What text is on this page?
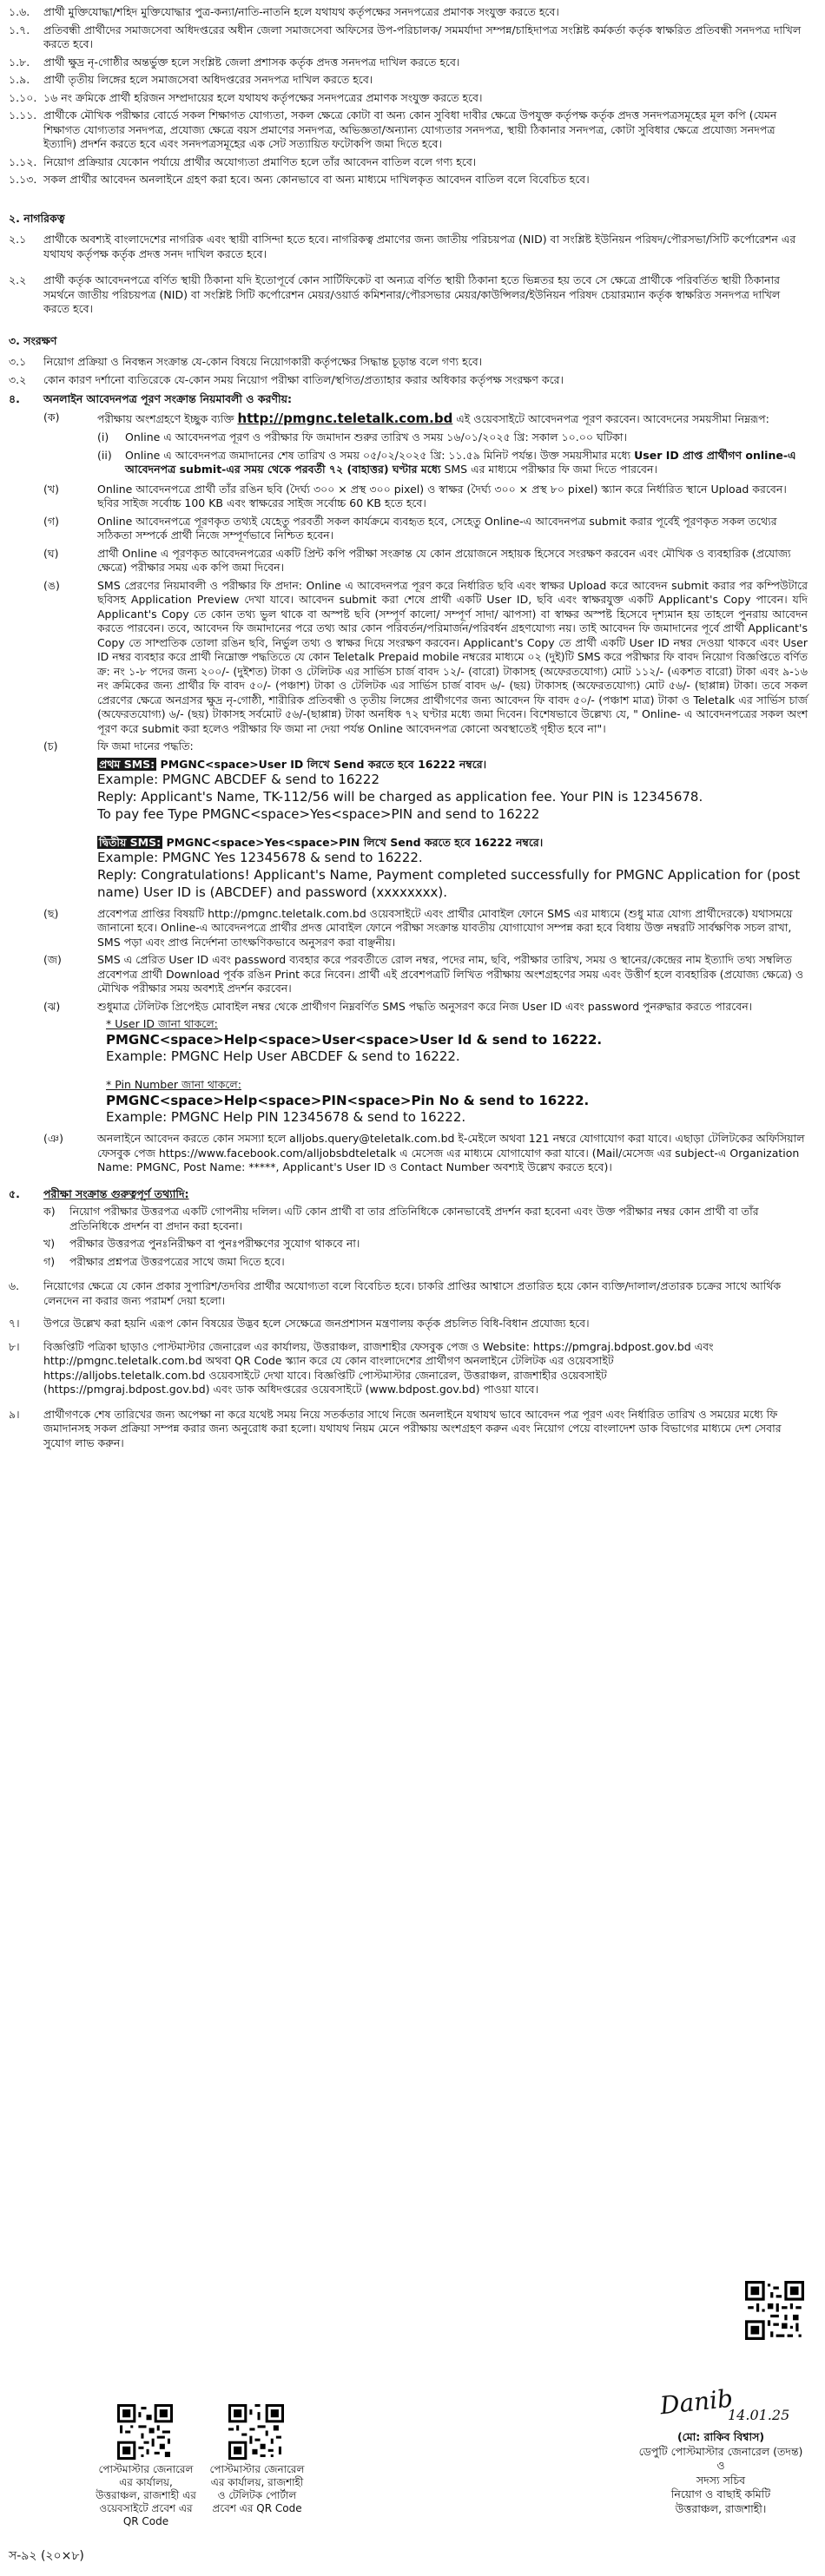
১.৬.	প্রার্থী মুক্তিযোদ্ধা/শহিদ মুক্তিযোদ্ধার পুত্র-কন্যা/নাতি-নাতনি হলে যথাযথ কর্তৃপক্ষের সনদপত্রের প্রমাণক সংযুক্ত করতে হবে।
১.৭.	প্রতিবন্ধী প্রার্থীদের সমাজসেবা অধিদপ্তরের অধীন জেলা সমাজসেবা অফিসের উপ-পরিচালক/ সমমর্যাদা সম্পন্ন/চাহিদাপত্র সংশ্লিষ্ট কর্মকর্তা কর্তৃক স্বাক্ষরিত প্রতিবন্ধী সনদপত্র দাখিল করতে হবে।
১.৮.	প্রার্থী ক্ষুদ্র নৃ-গোষ্ঠীর অন্তর্ভুক্ত হলে সংশ্লিষ্ট জেলা প্রশাসক কর্তৃক প্রদত্ত সনদপত্র দাখিল করতে হবে।
১.৯.	প্রার্থী তৃতীয় লিঙ্গের হলে সমাজসেবা অধিদপ্তরের সনদপত্র দাখিল করতে হবে।
১.১০. ১৬ নং ক্রমিকে প্রার্থী হরিজন সম্প্রদায়ের হলে যথাযথ কর্তৃপক্ষের সনদপত্রের প্রমাণক সংযুক্ত করতে হবে।
১.১১. প্রার্থীকে মৌখিক পরীক্ষার বোর্ডে সকল শিক্ষাগত যোগ্যতা, সকল ক্ষেত্রে কোটা বা অন্য কোন সুবিধা দাবীর ক্ষেত্রে উপযুক্ত কর্তৃপক্ষ কর্তৃক প্রদত্ত সনদপত্রসমূহের মূল কপি (যেমন শিক্ষাগত যোগ্যতার সনদপত্র, প্রযোজ্য ক্ষেত্রে বয়স প্রমাণের সনদপত্র, অভিজ্ঞতা/অন্যান্য যোগ্যতার সনদপত্র, স্থায়ী ঠিকানার সনদপত্র, কোটা সুবিধার ক্ষেত্রে প্রযোজ্য সনদপত্র ইত্যাদি) প্রদর্শন করতে হবে এবং সনদপত্রসমূহের এক সেট সত্যায়িত ফটোকপি জমা দিতে হবে।
১.১২. নিয়োগ প্রক্রিয়ার যেকোন পর্যায়ে প্রার্থীর অযোগ্যতা প্রমাণিত হলে তাঁর আবেদন বাতিল বলে গণ্য হবে।
১.১৩. সকল প্রার্থীর আবেদন অনলাইনে গ্রহণ করা হবে। অন্য কোনভাবে বা অন্য মাধ্যমে দাখিলকৃত আবেদন বাতিল বলে বিবেচিত হবে।

২. নাগরিকত্ব

২.১	প্রার্থীকে অবশ্যই বাংলাদেশের নাগরিক এবং স্থায়ী বাসিন্দা হতে হবে। নাগরিকত্ব প্রমাণের জন্য জাতীয় পরিচয়পত্র (NID) বা সংশ্লিষ্ট ইউনিয়ন পরিষদ/পৌরসভা/সিটি কর্পোরেশন এর যথাযথ কর্তৃপক্ষ কর্তৃক প্রদত্ত সনদ দাখিল করতে হবে।
২.২	প্রার্থী কর্তৃক আবেদনপত্রে বর্ণিত স্থায়ী ঠিকানা যদি ইতোপূর্বে কোন সার্টিফিকেট বা অন্যত্র বর্ণিত স্থায়ী ঠিকানা হতে ভিন্নতর হয় তবে সে ক্ষেত্রে প্রার্থীকে পরিবর্তিত স্থায়ী ঠিকানার সমর্থনে জাতীয় পরিচয়পত্র (NID) বা সংশ্লিষ্ট সিটি কর্পোরেশন মেয়র/ওয়ার্ড কমিশনার/পৌরসভার মেয়র/কাউন্সিলর/ইউনিয়ন পরিষদ চেয়ারম্যান কর্তৃক স্বাক্ষরিত সনদপত্র দাখিল করতে হবে।

৩. সংরক্ষণ

৩.১	নিয়োগ প্রক্রিয়া ও নিবন্ধন সংক্রান্ত যে-কোন বিষয়ে নিয়োগকারী কর্তৃপক্ষের সিদ্ধান্ত চূড়ান্ত বলে গণ্য হবে।
৩.২	কোন কারণ দর্শানো ব্যতিরেকে যে-কোন সময় নিয়োগ পরীক্ষা বাতিল/স্থগিত/প্রত্যাহার করার অধিকার কর্তৃপক্ষ সংরক্ষণ করে।
৪.	অনলাইন আবেদনপত্র পূরণ সংক্রান্ত নিয়মাবলী ও করণীয়:
(ক)	পরীক্ষায় অংশগ্রহণে ইচ্ছুক ব্যক্তি http://pmgnc.teletalk.com.bd এই ওয়েবসাইটে আবেদনপত্র পূরণ করবেন। আবেদনের সময়সীমা নিম্নরূপ:
(i)	Online এ আবেদনপত্র পূরণ ও পরীক্ষার ফি জমাদান শুরুর তারিখ ও সময় ১৬/০১/২০২৫ খ্রি: সকাল ১০.০০ ঘটিকা।
(ii)	Online এ আবেদনপত্র জমাদানের শেষ তারিখ ও সময় ০৫/০২/২০২৫ খ্রি: ১১.৫৯ মিনিট পর্যন্ত। উক্ত সময়সীমার মধ্যে User ID প্রাপ্ত প্রার্থীগণ online-এ আবেদনপত্র submit-এর সময় থেকে পরবর্তী ৭২ (বাহাত্তর) ঘণ্টার মধ্যে SMS এর মাধ্যমে পরীক্ষার ফি জমা দিতে পারবেন।
(খ)	Online আবেদনপত্রে প্রার্থী তাঁর রঙিন ছবি (দৈর্ঘ্য ৩০০ × প্রস্থ ৩০০ pixel) ও স্বাক্ষর (দৈর্ঘ্য ৩০০ × প্রস্থ ৮০ pixel) স্ক্যান করে নির্ধারিত স্থানে Upload করবেন। ছবির সাইজ সর্বোচ্চ 100 KB এবং স্বাক্ষরের সাইজ সর্বোচ্চ 60 KB হতে হবে।
(গ)	Online আবেদনপত্রে পূরণকৃত তথ্যই যেহেতু পরবর্তী সকল কার্যক্রমে ব্যবহৃত হবে, সেহেতু Online-এ আবেদনপত্র submit করার পূর্বেই পূরণকৃত সকল তথ্যের সঠিকতা সম্পর্কে প্রার্থী নিজে সম্পূর্ণভাবে নিশ্চিত হবেন।
(ঘ)	প্রার্থী Online এ পূরণকৃত আবেদনপত্রের একটি প্রিন্ট কপি পরীক্ষা সংক্রান্ত যে কোন প্রয়োজনে সহায়ক হিসেবে সংরক্ষণ করবেন এবং মৌখিক ও ব্যবহারিক (প্রযোজ্য ক্ষেত্রে) পরীক্ষার সময় এক কপি জমা দিবেন।
(ঙ)	SMS প্রেরণের নিয়মাবলী ও পরীক্ষার ফি প্রদান: Online এ আবেদনপত্র পূরণ করে নির্ধারিত ছবি এবং স্বাক্ষর Upload করে আবেদন submit করার পর কম্পিউটারে ছবিসহ Application Preview দেখা যাবে। আবেদন submit করা শেষে প্রার্থী একটি User ID, ছবি এবং স্বাক্ষরযুক্ত একটি Applicant's Copy পাবেন। যদি Applicant's Copy তে কোন তথ্য ভুল থাকে বা অস্পষ্ট ছবি (সম্পূর্ণ কালো/ সম্পূর্ণ সাদা/ ঝাপসা) বা স্বাক্ষর অস্পষ্ট হিসেবে দৃশ্যমান হয় তাহলে পুনরায় আবেদন করতে পারবেন। তবে, আবেদন ফি জমাদানের পরে তথ্য আর কোন পরিবর্তন/পরিমার্জন/পরিবর্ধন গ্রহণযোগ্য নয়। তাই আবেদন ফি জমাদানের পূর্বে প্রার্থী Applicant's Copy তে সাম্প্রতিক তোলা রঙিন ছবি, নির্ভুল তথ্য ও স্বাক্ষর দিয়ে সংরক্ষণ করবেন। Applicant's Copy তে প্রার্থী একটি User ID নম্বর দেওয়া থাকবে এবং User ID নম্বর ব্যবহার করে প্রার্থী নিম্নোক্ত পদ্ধতিতে যে কোন Teletalk Prepaid mobile নম্বরের মাধ্যমে ০২ (দুই)টি SMS করে পরীক্ষার ফি বাবদ নিয়োগ বিজ্ঞপ্তিতে বর্ণিত ক্র: নং ১-৮ পদের জন্য ২০০/- (দুইশত) টাকা ও টেলিটক এর সার্ভিস চার্জ বাবদ ১২/- (বারো) টাকাসহ (অফেরতযোগ্য) মোট ১১২/- (একশত বারো) টাকা এবং ৯-১৬ নং ক্রমিকের জন্য প্রার্থীর ফি বাবদ ৫০/- (পঞ্চাশ) টাকা ও টেলিটক এর সার্ভিস চার্জ বাবদ ৬/- (ছয়) টাকাসহ (অফেরতযোগ্য) মোট ৫৬/- (ছাপ্পান্ন) টাকা। তবে সকল প্রেরণের ক্ষেত্রে অনগ্রসর ক্ষুদ্র নৃ-গোষ্ঠী, শারীরিক প্রতিবন্ধী ও তৃতীয় লিঙ্গের প্রার্থীগণের জন্য আবেদন ফি বাবদ ৫০/- (পঞ্চাশ মাত্র) টাকা ও Teletalk এর সার্ভিস চার্জ (অফেরতযোগ্য) ৬/- (ছয়) টাকাসহ সর্বমোট ৫৬/-(ছাপ্পান্ন) টাকা অনধিক ৭২ ঘণ্টার মধ্যে জমা দিবেন। বিশেষভাবে উল্লেখ্য যে, " Online- এ আবেদনপত্রের সকল অংশ পূরণ করে submit করা হলেও পরীক্ষার ফি জমা না দেয়া পর্যন্ত Online আবেদনপত্র কোনো অবস্থাতেই গৃহীত হবে না"।
(চ)	ফি জমা দানের পদ্ধতি:

প্রথম SMS: PMGNC<space>User ID লিখে Send করতে হবে 16222 নম্বরে।

Example: PMGNC ABCDEF & send to 16222

Reply: Applicant's Name, TK-112/56 will be charged as application fee. Your PIN is 12345678.

To pay fee Type PMGNC<space>Yes<space>PIN and send to 16222

দ্বিতীয় SMS: PMGNC<space>Yes<space>PIN লিখে Send করতে হবে 16222 নম্বরে।

Example: PMGNC Yes 12345678 & send to 16222.

Reply: Congratulations! Applicant's Name, Payment completed successfully for PMGNC Application for (post name) User ID is (ABCDEF) and password (xxxxxxxx).

(ছ)	প্রবেশপত্র প্রাপ্তির বিষয়টি http://pmgnc.teletalk.com.bd ওয়েবসাইটে এবং প্রার্থীর মোবাইল ফোনে SMS এর মাধ্যমে (শুধু মাত্র যোগ্য প্রার্থীদেরকে) যথাসময়ে জানানো হবে। Online-এ আবেদনপত্রে প্রার্থীর প্রদত্ত মোবাইল ফোনে পরীক্ষা সংক্রান্ত যাবতীয় যোগাযোগ সম্পন্ন করা হবে বিধায় উক্ত নম্বরটি সার্বক্ষণিক সচল রাখা, SMS পড়া এবং প্রাপ্ত নির্দেশনা তাৎক্ষণিকভাবে অনুসরণ করা বাঞ্ছনীয়।
(জ)	SMS এ প্রেরিত User ID এবং password ব্যবহার করে পরবর্তীতে রোল নম্বর, পদের নাম, ছবি, পরীক্ষার তারিখ, সময় ও স্থানের/কেন্দ্রের নাম ইত্যাদি তথ্য সম্বলিত প্রবেশপত্র প্রার্থী Download পূর্বক রঙিন Print করে নিবেন। প্রার্থী এই প্রবেশপত্রটি লিখিত পরীক্ষায় অংশগ্রহণের সময় এবং উত্তীর্ণ হলে ব্যবহারিক (প্রযোজ্য ক্ষেত্রে) ও মৌখিক পরীক্ষার সময় অবশ্যই প্রদর্শন করবেন।
(ঝ)	শুধুমাত্র টেলিটক প্রিপেইড মোবাইল নম্বর থেকে প্রার্থীগণ নিম্নবর্ণিত SMS পদ্ধতি অনুসরণ করে নিজ User ID এবং password পুনরুদ্ধার করতে পারবেন।

* User ID জানা থাকলে:

PMGNC<space>Help<space>User<space>User Id & send to 16222.

Example: PMGNC Help User ABCDEF & send to 16222.

* Pin Number জানা থাকলে:

PMGNC<space>Help<space>PIN<space>Pin No & send to 16222.

Example: PMGNC Help PIN 12345678 & send to 16222.

(ঞ)	অনলাইনে আবেদন করতে কোন সমস্যা হলে alljobs.query@teletalk.com.bd ই-মেইলে অথবা 121 নম্বরে যোগাযোগ করা যাবে। এছাড়া টেলিটকের অফিসিয়াল ফেসবুক পেজ https://www.facebook.com/alljobsbdteletalk এ মেসেজ এর মাধ্যমে যোগাযোগ করা যাবে। (Mail/মেসেজ এর subject-এ Organization Name: PMGNC, Post Name: *****, Applicant's User ID ও Contact Number অবশ্যই উল্লেখ করতে হবে)।
৫.	পরীক্ষা সংক্রান্ত গুরুত্বপূর্ণ তথ্যাদি:
ক)	নিয়োগ পরীক্ষার উত্তরপত্র একটি গোপনীয় দলিল। এটি কোন প্রার্থী বা তার প্রতিনিধিকে কোনভাবেই প্রদর্শন করা হবেনা এবং উক্ত পরীক্ষার নম্বর কোন প্রার্থী বা তাঁর প্রতিনিধিকে প্রদর্শন বা প্রদান করা হবেনা।
খ)	পরীক্ষার উত্তরপত্র পুনঃনিরীক্ষণ বা পুনঃপরীক্ষণের সুযোগ থাকবে না।
গ)	পরীক্ষার প্রশ্নপত্র উত্তরপত্রের সাথে জমা দিতে হবে।
৬.	নিয়োগের ক্ষেত্রে যে কোন প্রকার সুপারিশ/তদবির প্রার্থীর অযোগ্যতা বলে বিবেচিত হবে। চাকরি প্রাপ্তির আশ্বাসে প্রতারিত হয়ে কোন ব্যক্তি/দালাল/প্রতারক চক্রের সাথে আর্থিক লেনদেন না করার জন্য পরামর্শ দেয়া হলো।
৭।	উপরে উল্লেখ করা হয়নি এরূপ কোন বিষয়ের উদ্ভব হলে সেক্ষেত্রে জনপ্রশাসন মন্ত্রণালয় কর্তৃক প্রচলিত বিধি-বিধান প্রযোজ্য হবে।
৮।	বিজ্ঞপ্তিটি পত্রিকা ছাড়াও পোস্টমাস্টার জেনারেল এর কার্যালয়, উত্তরাঞ্চল, রাজশাহীর ফেসবুক পেজ ও Website: https://pmgraj.bdpost.gov.bd এবং http://pmgnc.teletalk.com.bd অথবা QR Code স্ক্যান করে যে কোন বাংলাদেশের প্রার্থীগণ অনলাইনে টেলিটক এর ওয়েবসাইট https://alljobs.teletalk.com.bd ওয়েবসাইটে দেখা যাবে। বিজ্ঞপ্তিটি পোস্টমাস্টার জেনারেল, উত্তরাঞ্চল, রাজশাহীর ওয়েবসাইট (https://pmgraj.bdpost.gov.bd) এবং ডাক অধিদপ্তরের ওয়েবসাইটে (www.bdpost.gov.bd) পাওয়া যাবে।
৯।	প্রার্থীগণকে শেষ তারিখের জন্য অপেক্ষা না করে যথেষ্ট সময় নিয়ে সতর্কতার সাথে নিজে অনলাইনে যথাযথ ভাবে আবেদন পত্র পূরণ এবং নির্ধারিত তারিখ ও সময়ের মধ্যে ফি জমাদানসহ সকল প্রক্রিয়া সম্পন্ন করার জন্য অনুরোধ করা হলো। যথাযথ নিয়ম মেনে পরীক্ষায় অংশগ্রহণ করুন এবং নিয়োগ পেয়ে বাংলাদেশ ডাক বিভাগের মাধ্যমে দেশ সেবার সুযোগ লাভ করুন।
পোস্টমাস্টার জেনারেল এর কার্যালয়, উত্তরাঞ্চল, রাজশাহী এর ওয়েবসাইটে প্রবেশ এর QR Code
পোস্টমাস্টার জেনারেল এর কার্যালয়, রাজশাহী ও টেলিটক পোর্টাল প্রবেশ এর QR Code
Danib
14.01.25

(মো: রাকিব বিশ্বাস)

ডেপুটি পোস্টমাস্টার জেনারেল (তদন্ত)

ও

সদস্য সচিব

নিয়োগ ও বাছাই কমিটি

উত্তরাঞ্চল, রাজশাহী।

স-৯২ (২০×৮)
